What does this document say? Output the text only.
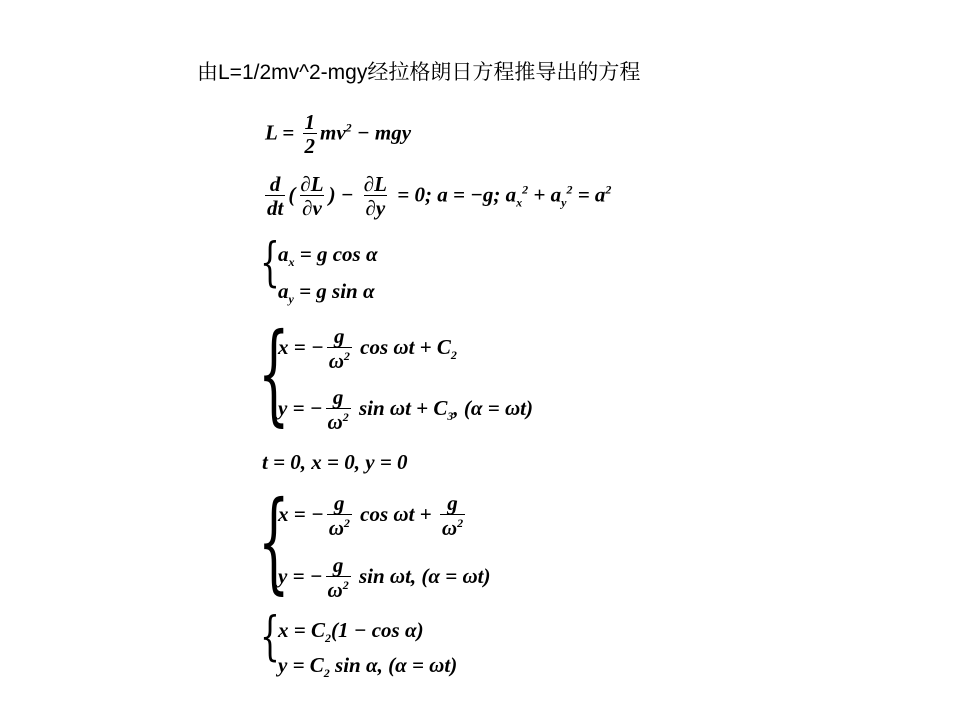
由L=1/2mv^2-mgy经拉格朗日方程推导出的方程
$L = \frac{1}{2} mv^2$ − mgy
$\frac{d}{dt}$ ( $\frac{\partial L}{\partial v}$ ) − $\frac{\partial L}{\partial y} = 0$; a = −g; $a_x^2 + a_y^2 = a^2$
{
$a_x = g$ cos α
$a_y = g$ sin α
{
x = − $\frac{g}{\omega^2}$ $\cos \omega t + C_2$
y = − $\frac{g}{\omega^2}$ $\sin \omega t + C_3$, (α = ωt)
t = 0, x = 0, y = 0
{
x = − $\frac{g}{\omega^2}$ $\cos \omega t + \frac{g}{\omega^2}$
y = − $\frac{g}{\omega^2}$ sin ωt, (α = ωt)
{
$x = C_2(1 - \cos \alpha)$
$y = C_2$ sin α, (α = ωt)
